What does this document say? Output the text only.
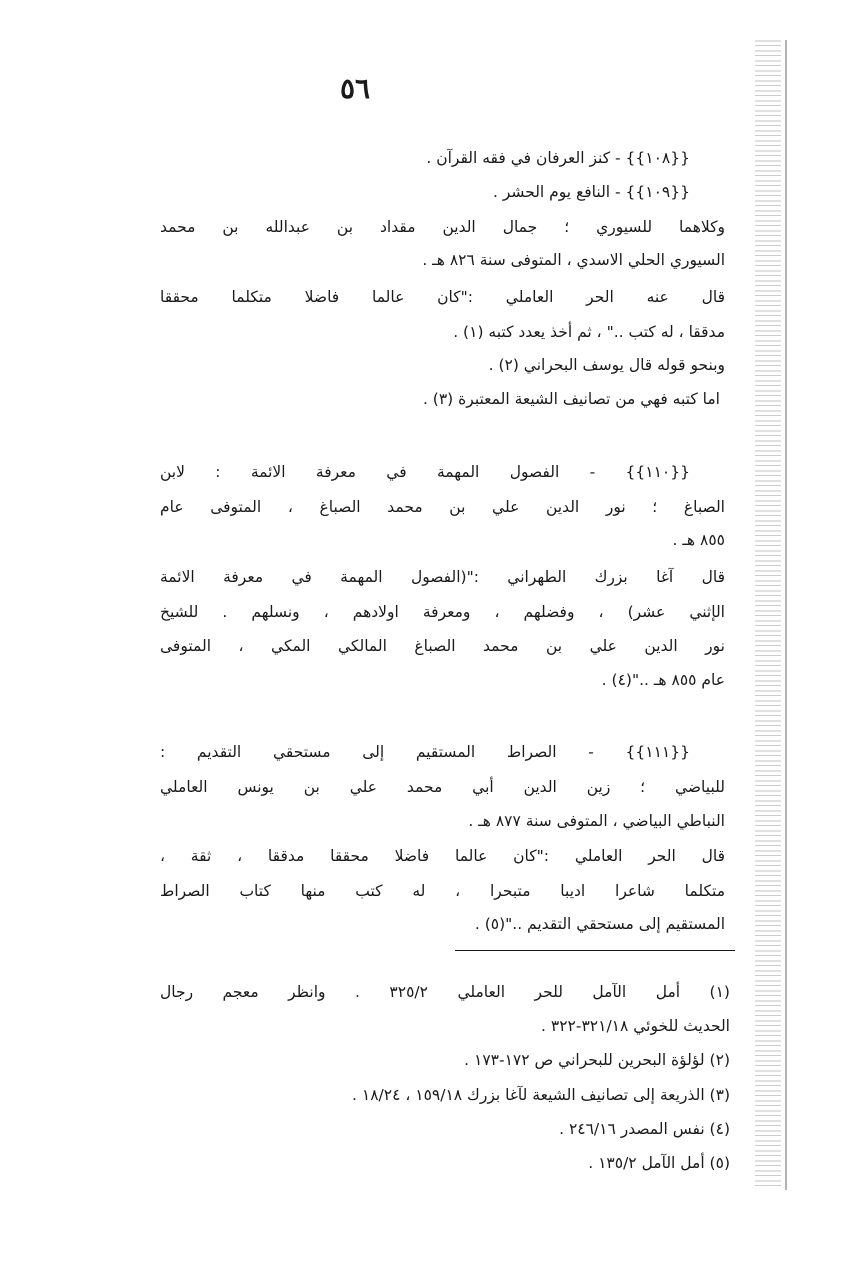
٥٦
{{١٠٨}} - كنز العرفان في فقه القرآن .
{{١٠٩}} - النافع يوم الحشر .
وكلاهما للسيوري ؛ جمال الدين مقداد بن عبدالله بن محمد
السيوري الحلي الاسدي ، المتوفى سنة ٨٢٦ هـ .
قال عنه الحر العاملي :"كان عالما فاضلا متكلما محققا
مدققا ، له كتب .." ، ثم أخذ يعدد كتبه (١) .
وبنحو قوله قال يوسف البحراني (٢) .
اما كتبه فهي من تصانيف الشيعة المعتبرة (٣) .
{{١١٠}} - الفصول المهمة في معرفة الائمة : لابن
الصباغ ؛ نور الدين علي بن محمد الصباغ ، المتوفى عام
٨٥٥ هـ .
قال آغا بزرك الطهراني :"(الفصول المهمة في معرفة الائمة
الإثني عشر) ، وفضلهم ، ومعرفة اولادهم ، ونسلهم . للشيخ
نور الدين علي بن محمد الصباغ المالكي المكي ، المتوفى
عام ٨٥٥ هـ .."(٤) .
{{١١١}} - الصراط المستقيم إلى مستحقي التقديم :
للبياضي ؛ زين الدين أبي محمد علي بن يونس العاملي
النباطي البياضي ، المتوفى سنة ٨٧٧ هـ .
قال الحر العاملي :"كان عالما فاضلا محققا مدققا ، ثقة ،
متكلما شاعرا اديبا متبحرا ، له كتب منها كتاب الصراط
المستقيم إلى مستحقي التقديم .."(٥) .
(١) أمل الآمل للحر العاملي ٣٢٥/٢ . وانظر معجم رجال
الحديث للخوئي ٣٢١/١٨-٣٢٢ .
(٢) لؤلؤة البحرين للبحراني ص ١٧٢-١٧٣ .
(٣) الذريعة إلى تصانيف الشيعة لآغا بزرك ١٥٩/١٨ ، ١٨/٢٤ .
(٤) نفس المصدر ٢٤٦/١٦ .
(٥) أمل الآمل ١٣٥/٢ .
